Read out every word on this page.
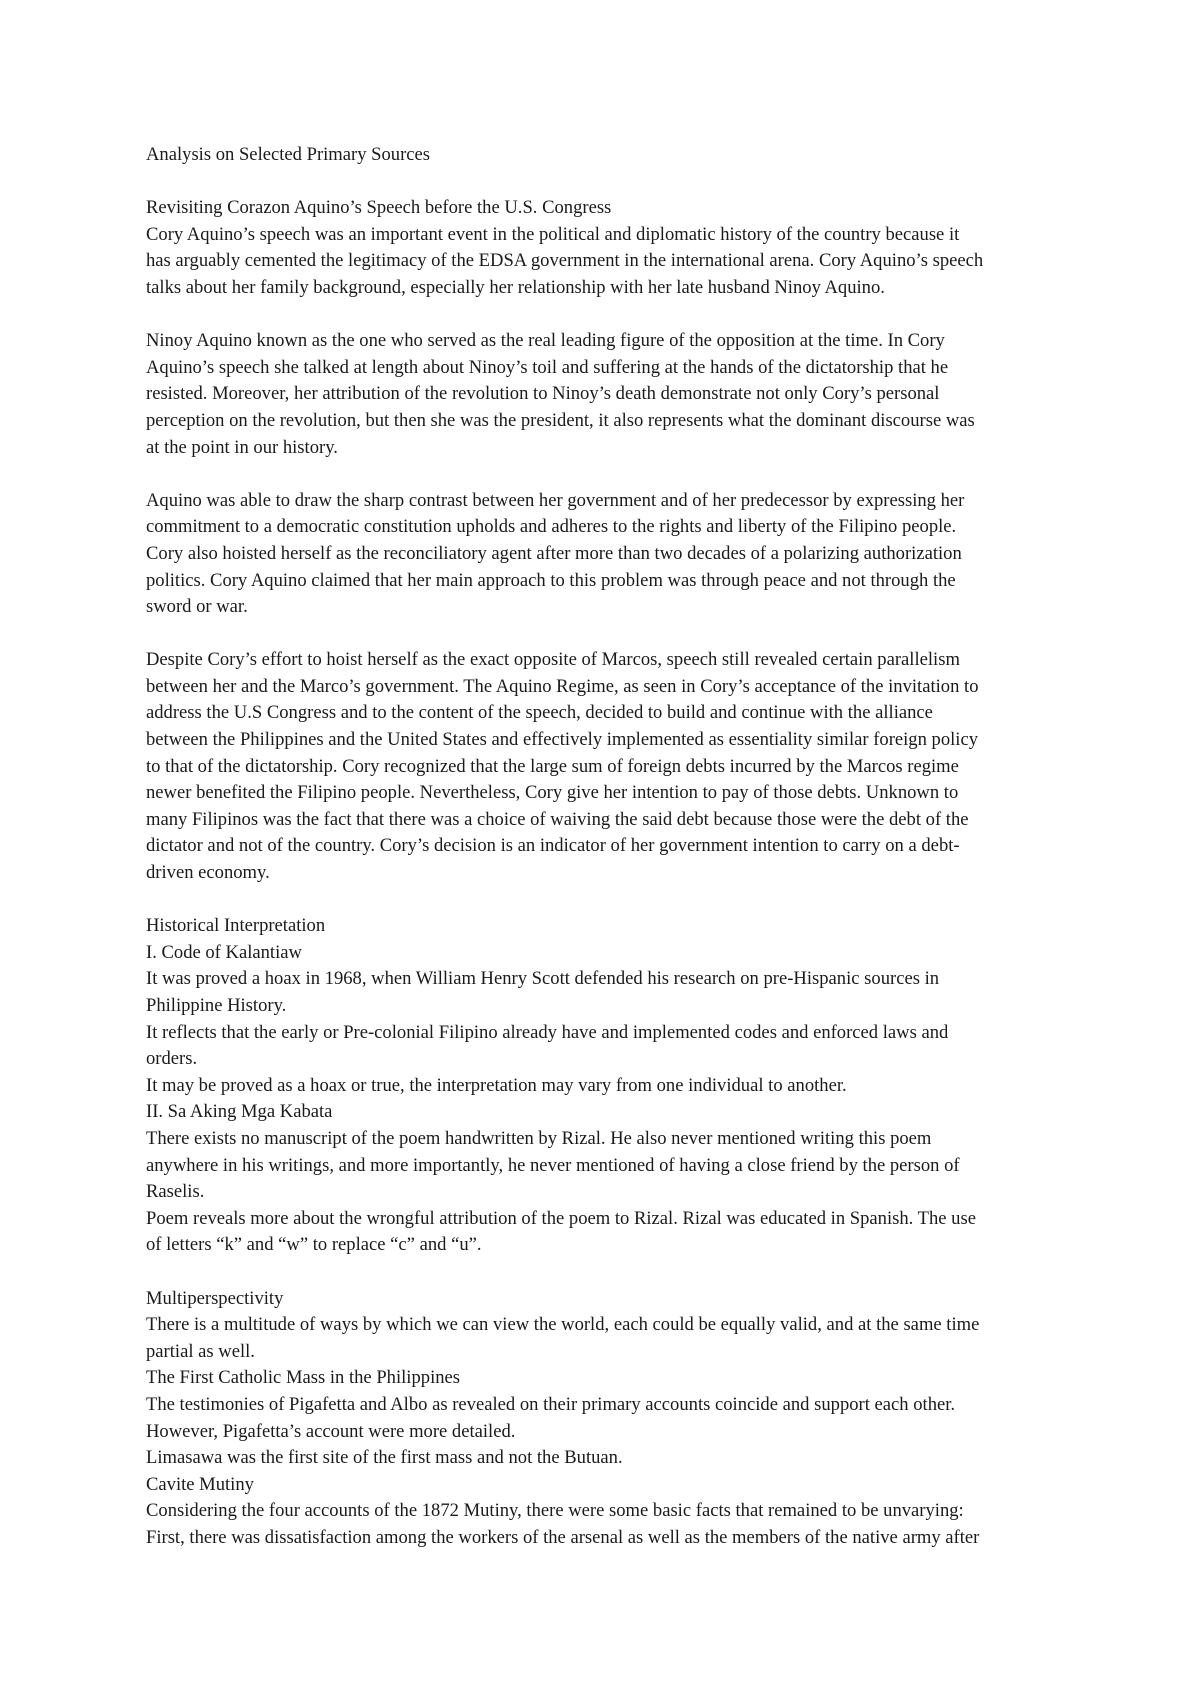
Analysis on Selected Primary Sources
Revisiting Corazon Aquino’s Speech before the U.S. Congress
Cory Aquino’s speech was an important event in the political and diplomatic history of the country because it
has arguably cemented the legitimacy of the EDSA government in the international arena. Cory Aquino’s speech
talks about her family background, especially her relationship with her late husband Ninoy Aquino.
Ninoy Aquino known as the one who served as the real leading figure of the opposition at the time. In Cory
Aquino’s speech she talked at length about Ninoy’s toil and suffering at the hands of the dictatorship that he
resisted. Moreover, her attribution of the revolution to Ninoy’s death demonstrate not only Cory’s personal
perception on the revolution, but then she was the president, it also represents what the dominant discourse was
at the point in our history.
Aquino was able to draw the sharp contrast between her government and of her predecessor by expressing her
commitment to a democratic constitution upholds and adheres to the rights and liberty of the Filipino people.
Cory also hoisted herself as the reconciliatory agent after more than two decades of a polarizing authorization
politics. Cory Aquino claimed that her main approach to this problem was through peace and not through the
sword or war.
Despite Cory’s effort to hoist herself as the exact opposite of Marcos, speech still revealed certain parallelism
between her and the Marco’s government. The Aquino Regime, as seen in Cory’s acceptance of the invitation to
address the U.S Congress and to the content of the speech, decided to build and continue with the alliance
between the Philippines and the United States and effectively implemented as essentiality similar foreign policy
to that of the dictatorship. Cory recognized that the large sum of foreign debts incurred by the Marcos regime
newer benefited the Filipino people. Nevertheless, Cory give her intention to pay of those debts. Unknown to
many Filipinos was the fact that there was a choice of waiving the said debt because those were the debt of the
dictator and not of the country. Cory’s decision is an indicator of her government intention to carry on a debt-
driven economy.
Historical Interpretation
I. Code of Kalantiaw
It was proved a hoax in 1968, when William Henry Scott defended his research on pre-Hispanic sources in
Philippine History.
It reflects that the early or Pre-colonial Filipino already have and implemented codes and enforced laws and
orders.
It may be proved as a hoax or true, the interpretation may vary from one individual to another.
II. Sa Aking Mga Kabata
There exists no manuscript of the poem handwritten by Rizal. He also never mentioned writing this poem
anywhere in his writings, and more importantly, he never mentioned of having a close friend by the person of
Raselis.
Poem reveals more about the wrongful attribution of the poem to Rizal. Rizal was educated in Spanish. The use
of letters “k” and “w” to replace “c” and “u”.
Multiperspectivity
There is a multitude of ways by which we can view the world, each could be equally valid, and at the same time
partial as well.
The First Catholic Mass in the Philippines
The testimonies of Pigafetta and Albo as revealed on their primary accounts coincide and support each other.
However, Pigafetta’s account were more detailed.
Limasawa was the first site of the first mass and not the Butuan.
Cavite Mutiny
Considering the four accounts of the 1872 Mutiny, there were some basic facts that remained to be unvarying:
First, there was dissatisfaction among the workers of the arsenal as well as the members of the native army after
